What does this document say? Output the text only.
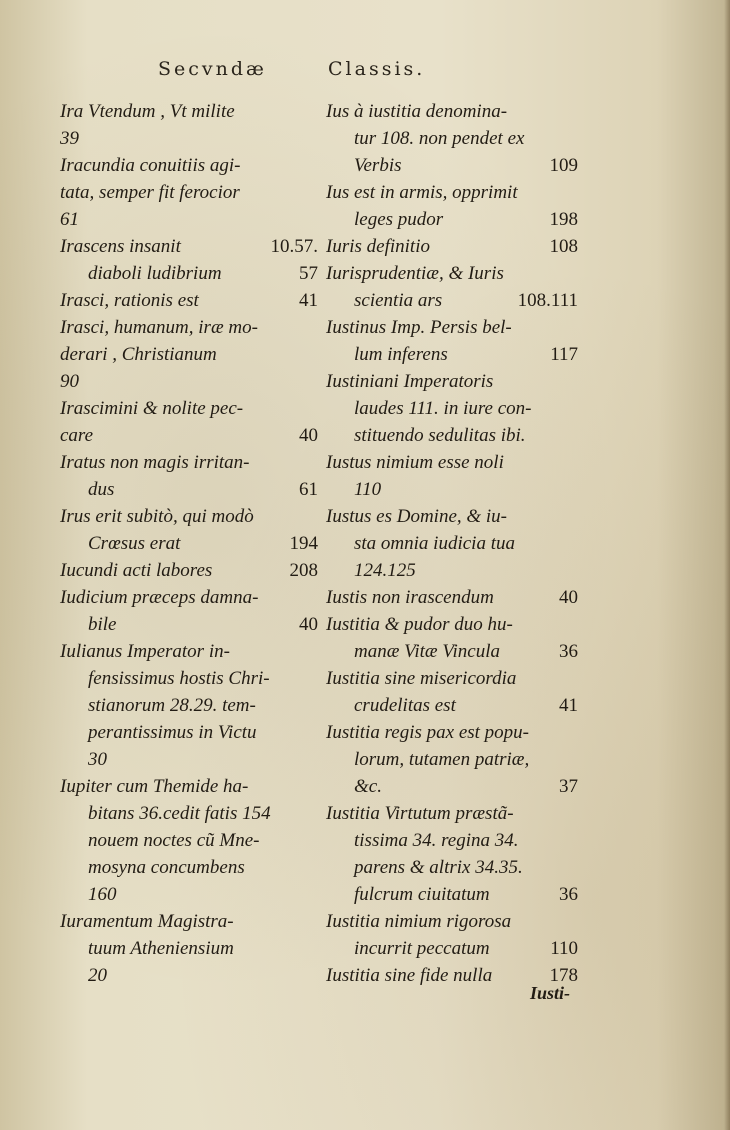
Secvndæ	Classis.
Ira Vtendum , Vt milite
39
Iracundia conuitiis agi-
tata, semper fit ferocior
61
Irascens insanit	10.57.
diaboli ludibrium	57
Irasci, rationis est	41
Irasci, humanum, iræ mo-
derari , Christianum
90
Irascimini & nolite pec-
care	40
Iratus non magis irritan-
dus	61
Irus erit subitò, qui modò
Crœsus erat	194
Iucundi acti labores	208
Iudicium præceps damna-
bile	40
Iulianus Imperator in-
fensissimus hostis Chri-
stianorum 28.29. tem-
perantissimus in Victu
30
Iupiter cum Themide ha-
bitans 36.cedit fatis 154
nouem noctes cũ Mne-
mosyna concumbens
160
Iuramentum Magistra-
tuum Atheniensium
20
Ius à iustitia denomina-
tur 108. non pendet ex
Verbis	109
Ius est in armis, opprimit
leges pudor	198
Iuris definitio	108
Iurisprudentiæ, & Iuris
scientia ars	108.111
Iustinus Imp. Persis bel-
lum inferens	117
Iustiniani Imperatoris
laudes 111. in iure con-
stituendo sedulitas ibi.
Iustus nimium esse noli
110
Iustus es Domine, & iu-
sta omnia iudicia tua
124.125
Iustis non irascendum	40
Iustitia & pudor duo hu-
manæ Vitæ Vincula	36
Iustitia sine misericordia
crudelitas est	41
Iustitia regis pax est popu-
lorum, tutamen patriæ,
&c.	37
Iustitia Virtutum præstã-
tissima 34. regina 34.
parens & altrix 34.35.
fulcrum ciuitatum	36
Iustitia nimium rigorosa
incurrit peccatum	110
Iustitia sine fide nulla	178
Iusti-
